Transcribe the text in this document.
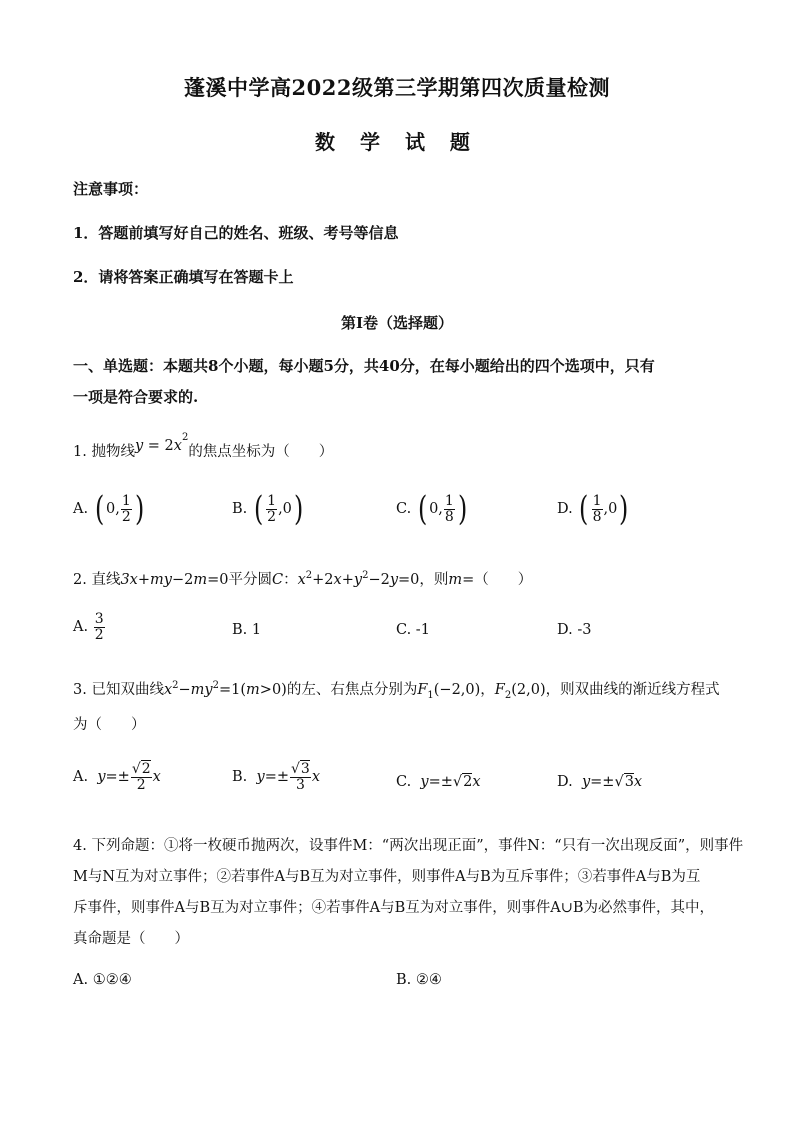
蓬溪中学高2022级第三学期第四次质量检测
数 学 试 题
注意事项：
1．答题前填写好自己的姓名、班级、考号等信息
2．请将答案正确填写在答题卡上
第I卷（选择题）
一、单选题：本题共8个小题，每小题5分，共40分，在每小题给出的四个选项中，只有
一项是符合要求的.
1. 抛物线$y = 2x^2$的焦点坐标为（　　）
A. ( 0, $\frac{1}{2}$ )	B. ( $\frac{1}{2} ,0$)	C. ( 0, $\frac{1}{8}$ )	D. ( $\frac{1}{8} ,0$)
2. 直线3x+my−2m=0平分圆C：$x^2+2x+y^2-2y=0$，则m=（　　）
A. $\frac{3}{2}$	B. 1	C. -1	D. -3
3. 已知双曲线$x^2-my^2=1(m>0)$的左、右焦点分别为$F_1(-2,0)$，$F_2(2,0)$，则双曲线的渐近线方程式
为（　　）
A.  $y=\pm \frac{√2}{2}$ x	B.  $y=\pm \frac{√3}{3}$ x	C.  y=±√2x	D.  y=±√3x
4. 下列命题：①将一枚硬币抛两次，设事件M：“两次出现正面”，事件N：“只有一次出现反面”，则事件
M与N互为对立事件；②若事件A与B互为对立事件，则事件A与B为互斥事件；③若事件A与B为互
斥事件，则事件A与B互为对立事件；④若事件A与B互为对立事件，则事件A∪B为必然事件，其中，
真命题是（　　）
A. ①②④	B. ②④
